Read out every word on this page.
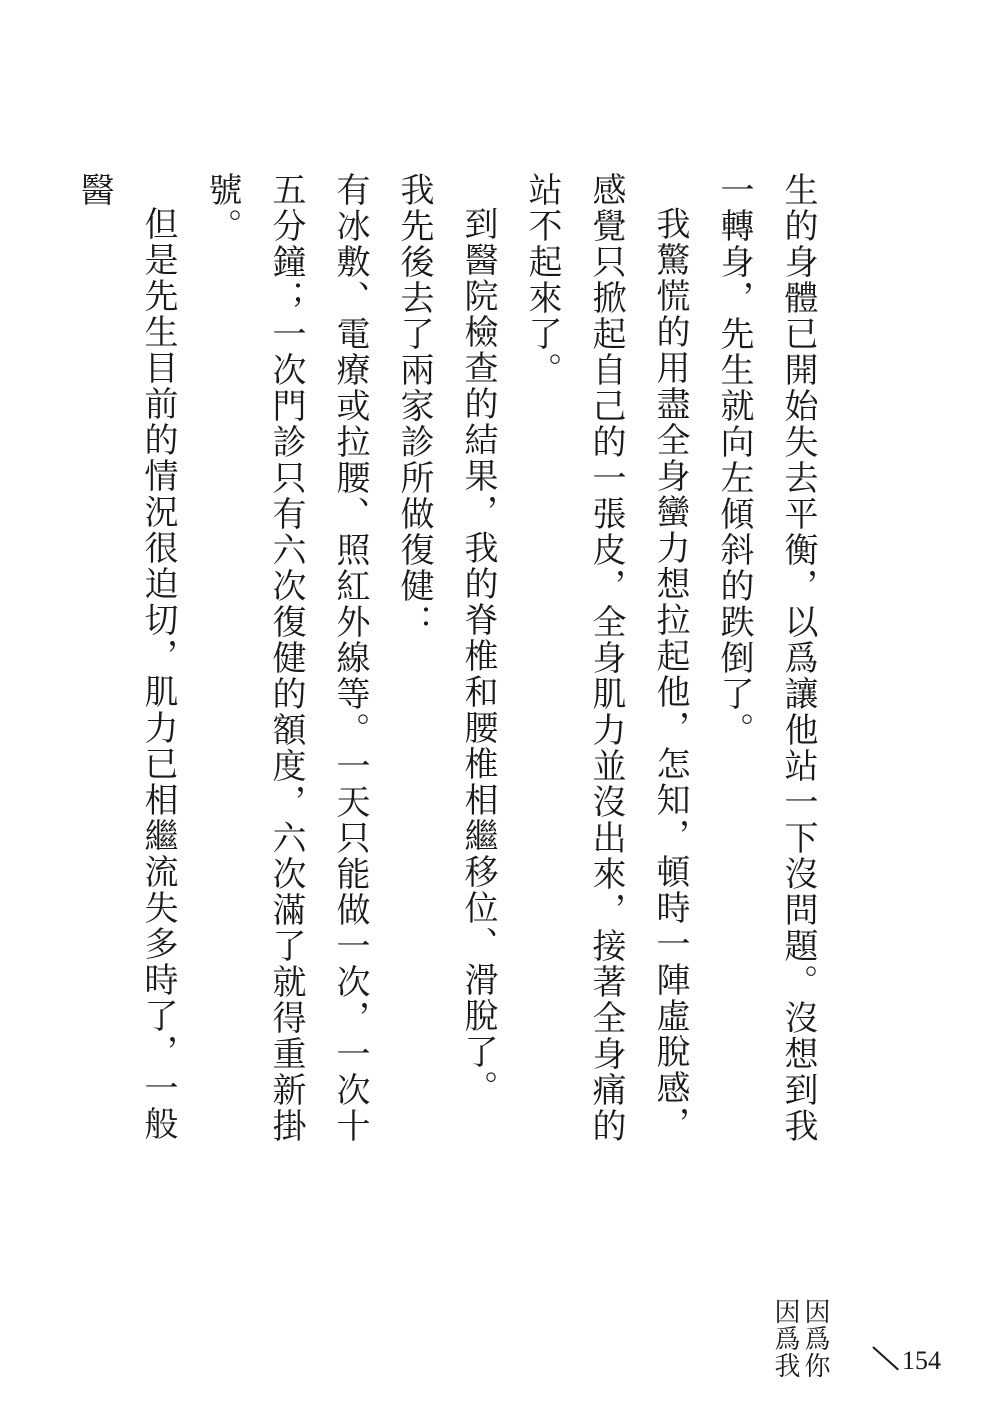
生的身體已開始失去平衡，以爲讓他站一下沒問題。沒想到我一轉身，先生就向左傾斜的跌倒了。

我驚慌的用盡全身蠻力想拉起他，怎知，頓時一陣虛脫感，感覺只掀起自己的一張皮，全身肌力並沒出來，接著全身痛的站不起來了。

到醫院檢查的結果，我的脊椎和腰椎相繼移位、滑脫了。

我先後去了兩家診所做復健：

有冰敷、電療或拉腰、照紅外線等。一天只能做一次，一次十五分鐘；一次門診只有六次復健的額度，六次滿了就得重新掛號。

但是先生目前的情況很迫切，肌力已相繼流失多時了，一般醫

因爲你
因爲我	154
